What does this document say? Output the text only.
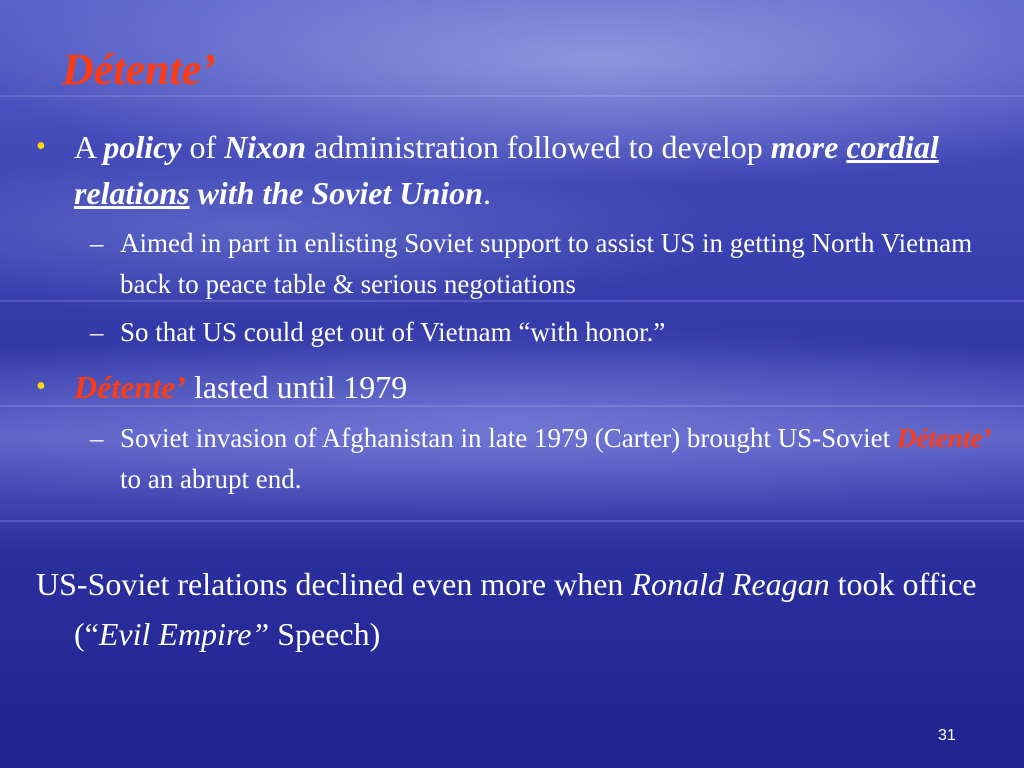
Détente’
• A policy of Nixon administration followed to develop more cordial relations with the Soviet Union.
– Aimed in part in enlisting Soviet support to assist US in getting North Vietnam back to peace table & serious negotiations
– So that US could get out of Vietnam “with honor.”
• Détente’ lasted until 1979
– Soviet invasion of Afghanistan in late 1979 (Carter) brought US-Soviet Détente’ to an abrupt end.

US-Soviet relations declined even more when Ronald Reagan took office (“Evil Empire” Speech)

31
